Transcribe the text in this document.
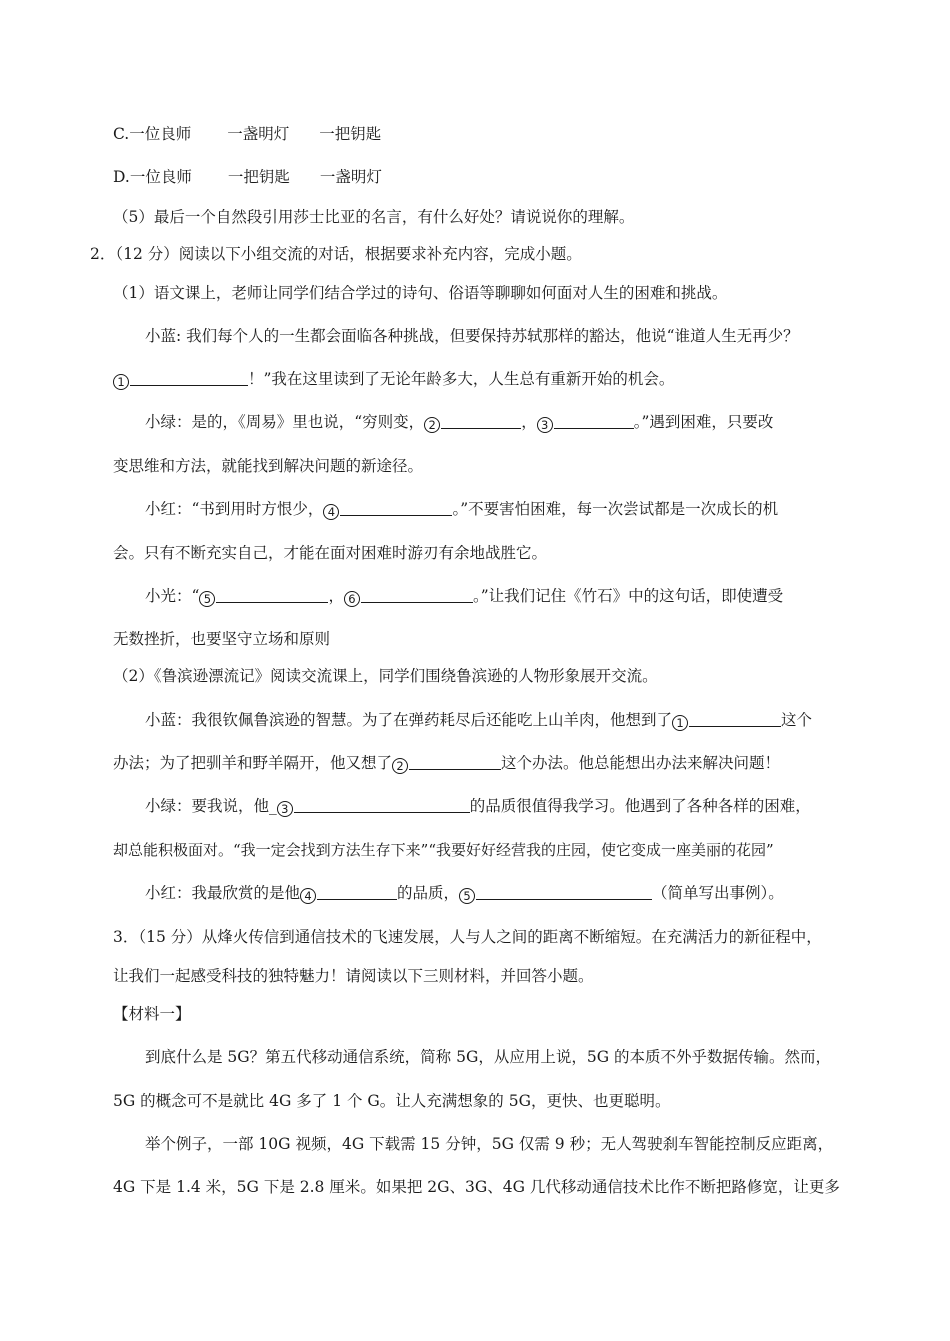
C.一位良师 一盏明灯 一把钥匙
D.一位良师 一把钥匙 一盏明灯
（5）最后一个自然段引用莎士比亚的名言，有什么好处？请说说你的理解。
2．（12 分）阅读以下小组交流的对话，根据要求补充内容，完成小题。
（1）语文课上，老师让同学们结合学过的诗句、俗语等聊聊如何面对人生的困难和挑战。
小蓝: 我们每个人的一生都会面临各种挑战，但要保持苏轼那样的豁达，他说“谁道人生无再少？
1	！”我在这里读到了无论年龄多大，人生总有重新开始的机会。
小绿：是的，《周易》里也说，“穷则变， 2	， 3	。”遇到困难，只要改
变思维和方法，就能找到解决问题的新途径。
小红：“书到用时方恨少， 4	。”不要害怕困难，每一次尝试都是一次成长的机
会。只有不断充实自己，才能在面对困难时游刃有余地战胜它。
小光：“ 5	， 6	。”让我们记住《竹石》中的这句话，即使遭受
无数挫折，也要坚守立场和原则
（2）《鲁滨逊漂流记》阅读交流课上，同学们围绕鲁滨逊的人物形象展开交流。
小蓝：我很钦佩鲁滨逊的智慧。为了在弹药耗尽后还能吃上山羊肉，他想到了 1	这个
办法；为了把驯羊和野羊隔开，他又想了 2	这个办法。他总能想出办法来解决问题！
小绿：要我说，他_ 3	的品质很值得我学习。他遇到了各种各样的困难，
却总能积极面对。“我一定会找到方法生存下来”“我要好好经营我的庄园，使它变成一座美丽的花园”
小红：我最欣赏的是他 4	的品质， 5	（简单写出事例）。
3．（15 分）从烽火传信到通信技术的飞速发展，人与人之间的距离不断缩短。在充满活力的新征程中，
让我们一起感受科技的独特魅力！请阅读以下三则材料，并回答小题。
【材料一】
到底什么是 5G？第五代移动通信系统，简称 5G，从应用上说，5G 的本质不外乎数据传输。然而，
5G 的概念可不是就比 4G 多了 1 个 G。让人充满想象的 5G，更快、也更聪明。
举个例子，一部 10G 视频，4G 下载需 15 分钟，5G 仅需 9 秒；无人驾驶刹车智能控制反应距离，
4G 下是 1.4 米，5G 下是 2.8 厘米。如果把 2G、3G、4G 几代移动通信技术比作不断把路修宽，让更多
